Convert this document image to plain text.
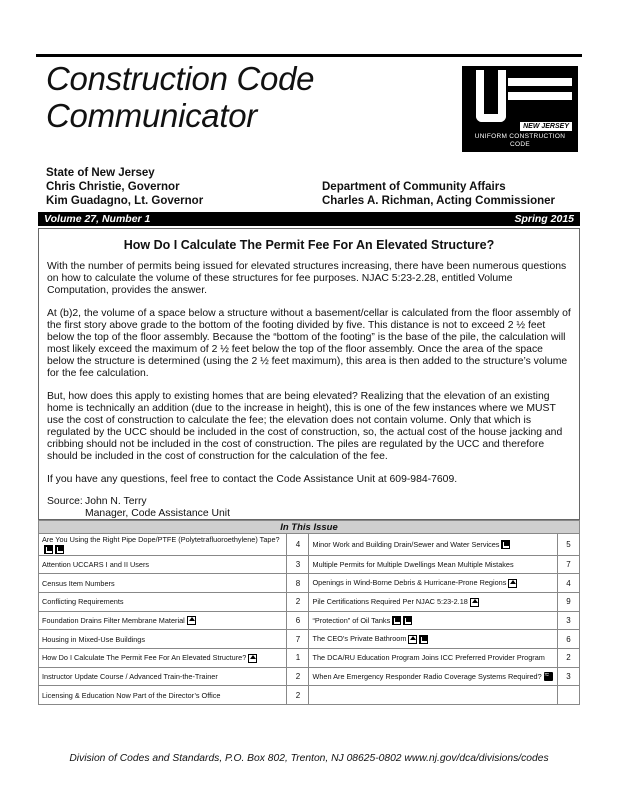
Construction Code
Communicator	NEW JERSEY
UNIFORM CONSTRUCTION
CODE
State of New Jersey
Chris Christie, Governor
Kim Guadagno, Lt. Governor
Department of Community Affairs
Charles A. Richman, Acting Commissioner
Volume 27, Number 1	Spring 2015
How Do I Calculate The Permit Fee For An Elevated Structure?

With the number of permits being issued for elevated structures increasing, there have been numerous questions on how to calculate the volume of these structures for fee purposes. NJAC 5:23-2.28, entitled Volume Computation, provides the answer.

At (b)2, the volume of a space below a structure without a basement/cellar is calculated from the floor assembly of the first story above grade to the bottom of the footing divided by five. This distance is not to exceed 2 ½ feet below the top of the floor assembly. Because the “bottom of the footing” is the base of the pile, the calculation will most likely exceed the maximum of 2 ½ feet below the top of the floor assembly. Once the area of the space below the structure is determined (using the 2 ½ feet maximum), this area is then added to the structure’s volume for the fee calculation.

But, how does this apply to existing homes that are being elevated? Realizing that the elevation of an existing home is technically an addition (due to the increase in height), this is one of the few instances where we MUST use the cost of construction to calculate the fee; the elevation does not contain volume. Only that which is regulated by the UCC should be included in the cost of construction, so, the actual cost of the house jacking and cribbing should not be included in the cost of construction. The piles are regulated by the UCC and therefore should be included in the cost of construction for the calculation of the fee.

If you have any questions, feel free to contact the Code Assistance Unit at 609-984-7609.

Source: John N. Terry
Manager, Code Assistance Unit
In This Issue			
Are You Using the Right Pipe Dope/PTFE (Polytetrafluoroethylene) Tape?	4	Minor Work and Building Drain/Sewer and Water Services	5
Attention UCCARS I and II Users	3	Multiple Permits for Multiple Dwellings Mean Multiple Mistakes	7
Census Item Numbers	8	Openings in Wind-Borne Debris & Hurricane-Prone Regions	4
Conflicting Requirements	2	Pile Certifications Required Per NJAC 5:23-2.18	9
Foundation Drains Filter Membrane Material	6	“Protection” of Oil Tanks	3
Housing in Mixed-Use Buildings	7	The CEO’s Private Bathroom	6
How Do I Calculate The Permit Fee For An Elevated Structure?	1	The DCA/RU Education Program Joins ICC Preferred Provider Program	2
Instructor Update Course / Advanced Train-the-Trainer	2	When Are Emergency Responder Radio Coverage Systems Required?≈	3
Licensing & Education Now Part of the Director’s Office	2		
Division of Codes and Standards, P.O. Box 802, Trenton, NJ 08625-0802 www.nj.gov/dca/divisions/codes
